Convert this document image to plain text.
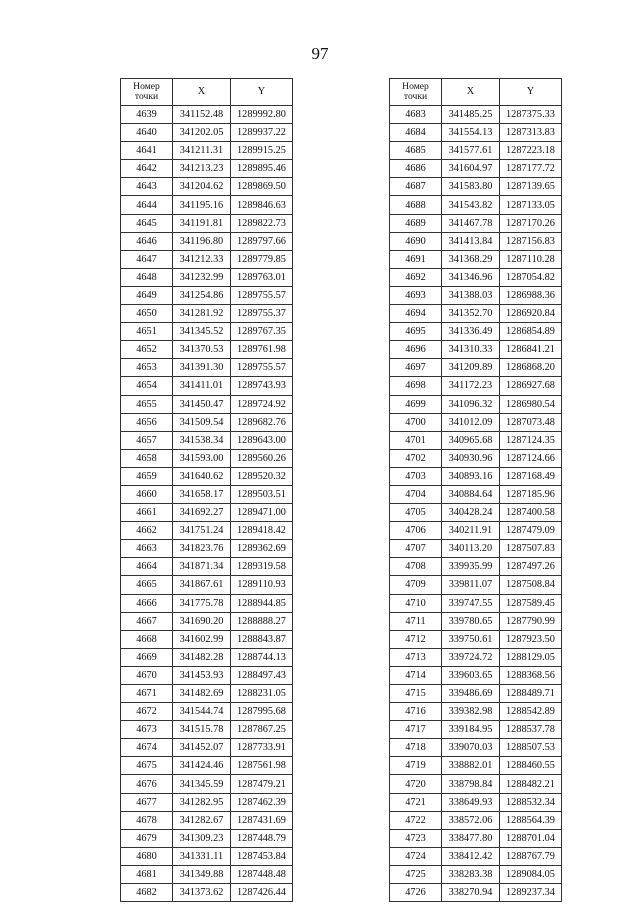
97
Номер
точки	X	Y
4639	341152.48	1289992.80
4640	341202.05	1289937.22
4641	341211.31	1289915.25
4642	341213.23	1289895.46
4643	341204.62	1289869.50
4644	341195.16	1289846.63
4645	341191.81	1289822.73
4646	341196.80	1289797.66
4647	341212.33	1289779.85
4648	341232.99	1289763.01
4649	341254.86	1289755.57
4650	341281.92	1289755.37
4651	341345.52	1289767.35
4652	341370.53	1289761.98
4653	341391.30	1289755.57
4654	341411.01	1289743.93
4655	341450.47	1289724.92
4656	341509.54	1289682.76
4657	341538.34	1289643.00
4658	341593.00	1289560.26
4659	341640.62	1289520.32
4660	341658.17	1289503.51
4661	341692.27	1289471.00
4662	341751.24	1289418.42
4663	341823.76	1289362.69
4664	341871.34	1289319.58
4665	341867.61	1289110.93
4666	341775.78	1288944.85
4667	341690.20	1288888.27
4668	341602.99	1288843.87
4669	341482.28	1288744.13
4670	341453.93	1288497.43
4671	341482.69	1288231.05
4672	341544.74	1287995.68
4673	341515.78	1287867.25
4674	341452.07	1287733.91
4675	341424.46	1287561.98
4676	341345.59	1287479.21
4677	341282.95	1287462.39
4678	341282.67	1287431.69
4679	341309.23	1287448.79
4680	341331.11	1287453.84
4681	341349.88	1287448.48
4682	341373.62	1287426.44
Номер
точки	X	Y
4683	341485.25	1287375.33
4684	341554.13	1287313.83
4685	341577.61	1287223.18
4686	341604.97	1287177.72
4687	341583.80	1287139.65
4688	341543.82	1287133.05
4689	341467.78	1287170.26
4690	341413.84	1287156.83
4691	341368.29	1287110.28
4692	341346.96	1287054.82
4693	341388.03	1286988.36
4694	341352.70	1286920.84
4695	341336.49	1286854.89
4696	341310.33	1286841.21
4697	341209.89	1286868.20
4698	341172.23	1286927.68
4699	341096.32	1286980.54
4700	341012.09	1287073.48
4701	340965.68	1287124.35
4702	340930.96	1287124.66
4703	340893.16	1287168.49
4704	340884.64	1287185.96
4705	340428.24	1287400.58
4706	340211.91	1287479.09
4707	340113.20	1287507.83
4708	339935.99	1287497.26
4709	339811.07	1287508.84
4710	339747.55	1287589.45
4711	339780.65	1287790.99
4712	339750.61	1287923.50
4713	339724.72	1288129.05
4714	339603.65	1288368.56
4715	339486.69	1288489.71
4716	339382.98	1288542.89
4717	339184.95	1288537.78
4718	339070.03	1288507.53
4719	338882.01	1288460.55
4720	338798.84	1288482.21
4721	338649.93	1288532.34
4722	338572.06	1288564.39
4723	338477.80	1288701.04
4724	338412.42	1288767.79
4725	338283.38	1289084.05
4726	338270.94	1289237.34
